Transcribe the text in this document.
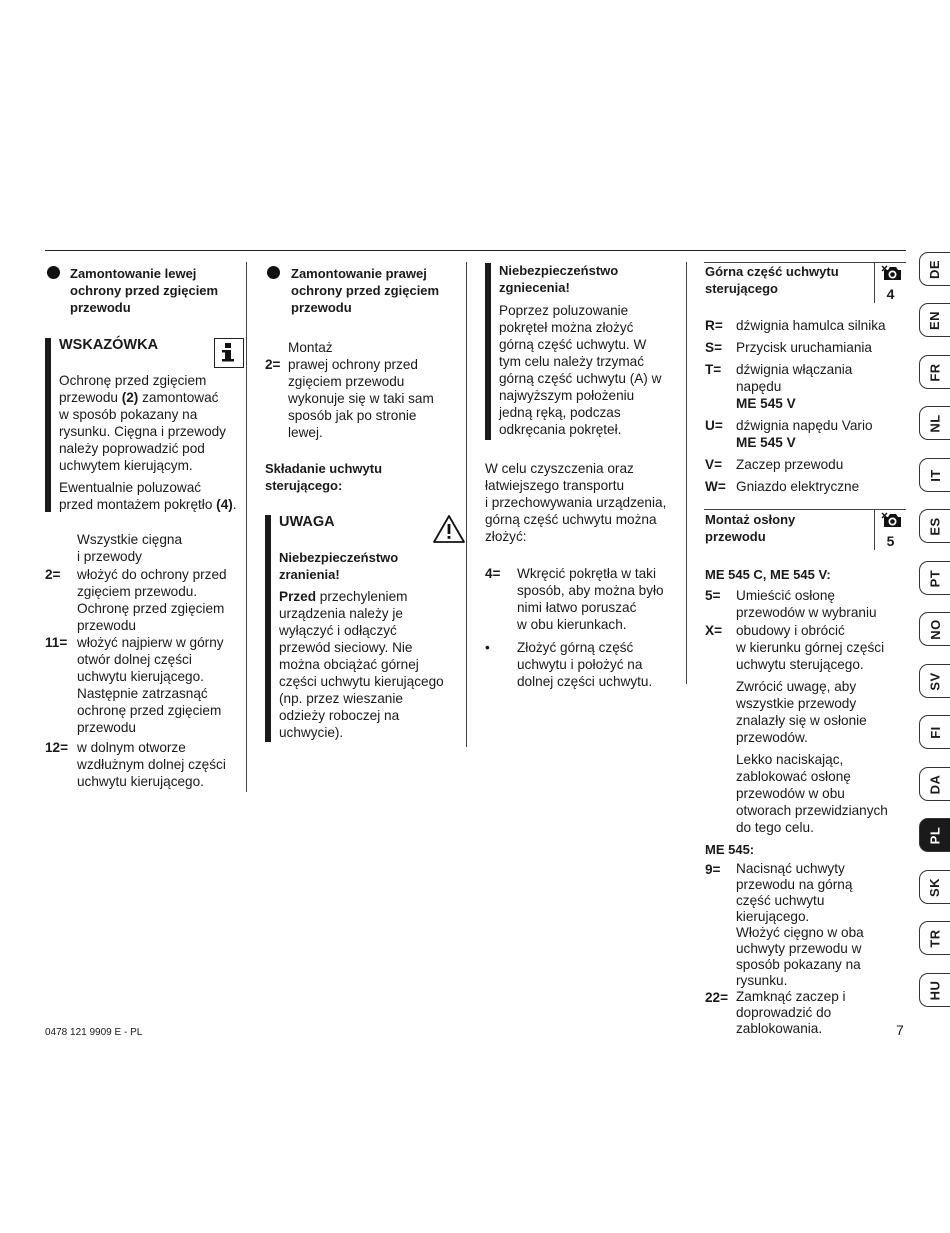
Zamontowanie lewej
ochrony przed zgięciem
przewodu
WSKAZÓWKA
Ochronę przed zgięciem
przewodu (2) zamontować
w sposób pokazany na
rysunku. Cięgna i przewody
należy poprowadzić pod
uchwytem kierującym.
Ewentualnie poluzować
przed montażem pokrętło (4).
Wszystkie cięgna
i przewody
2= włożyć do ochrony przed
zgięciem przewodu.
Ochronę przed zgięciem
przewodu
11= włożyć najpierw w górny
otwór dolnej części
uchwytu kierującego.
Następnie zatrzasnąć
ochronę przed zgięciem
przewodu
12= w dolnym otworze
wzdłużnym dolnej części
uchwytu kierującego.
0478 121 9909 E - PL
Zamontowanie prawej
ochrony przed zgięciem
przewodu
Montaż
2= prawej ochrony przed
zgięciem przewodu
wykonuje się w taki sam
sposób jak po stronie
lewej.
Składanie uchwytu
sterującego:
UWAGA
Niebezpieczeństwo
zranienia!
Przed przechyleniem
urządzenia należy je
wyłączyć i odłączyć
przewód sieciowy. Nie
można obciążać górnej
części uchwytu kierującego
(np. przez wieszanie
odzieży roboczej na
uchwycie).
Niebezpieczeństwo
zgniecenia!
Poprzez poluzowanie
pokręteł można złożyć
górną część uchwytu. W
tym celu należy trzymać
górną część uchwytu (A) w
najwyższym położeniu
jedną ręką, podczas
odkręcania pokręteł.
W celu czyszczenia oraz
łatwiejszego transportu
i przechowywania urządzenia,
górną część uchwytu można
złożyć:
4= Wkręcić pokrętła w taki
sposób, aby można było
nimi łatwo poruszać
w obu kierunkach.
• Złożyć górną część
uchwytu i położyć na
dolnej części uchwytu.
Górna część uchwytu
sterującego	4
R= dźwignia hamulca silnika
S= Przycisk uruchamiania
T= dźwignia włączania
napędu
ME 545 V
U= dźwignia napędu Vario
ME 545 V
V= Zaczep przewodu
W= Gniazdo elektryczne
Montaż osłony
przewodu	5
ME 545 C, ME 545 V:
5= Umieścić osłonę
przewodów w wybraniu
X= obudowy i obrócić
w kierunku górnej części
uchwytu sterującego.
Zwrócić uwagę, aby
wszystkie przewody
znalazły się w osłonie
przewodów.
Lekko naciskając,
zablokować osłonę
przewodów w obu
otworach przewidzianych
do tego celu.
ME 545:
9= Nacisnąć uchwyty
przewodu na górną
część uchwytu
kierującego.
Włożyć cięgno w oba
uchwyty przewodu w
sposób pokazany na
rysunku.
22= Zamknąć zaczep i
doprowadzić do
zablokowania.	7
DE
EN
FR
NL
IT
ES
PT
NO
SV
FI
DA
PL
SK
TR
HU
